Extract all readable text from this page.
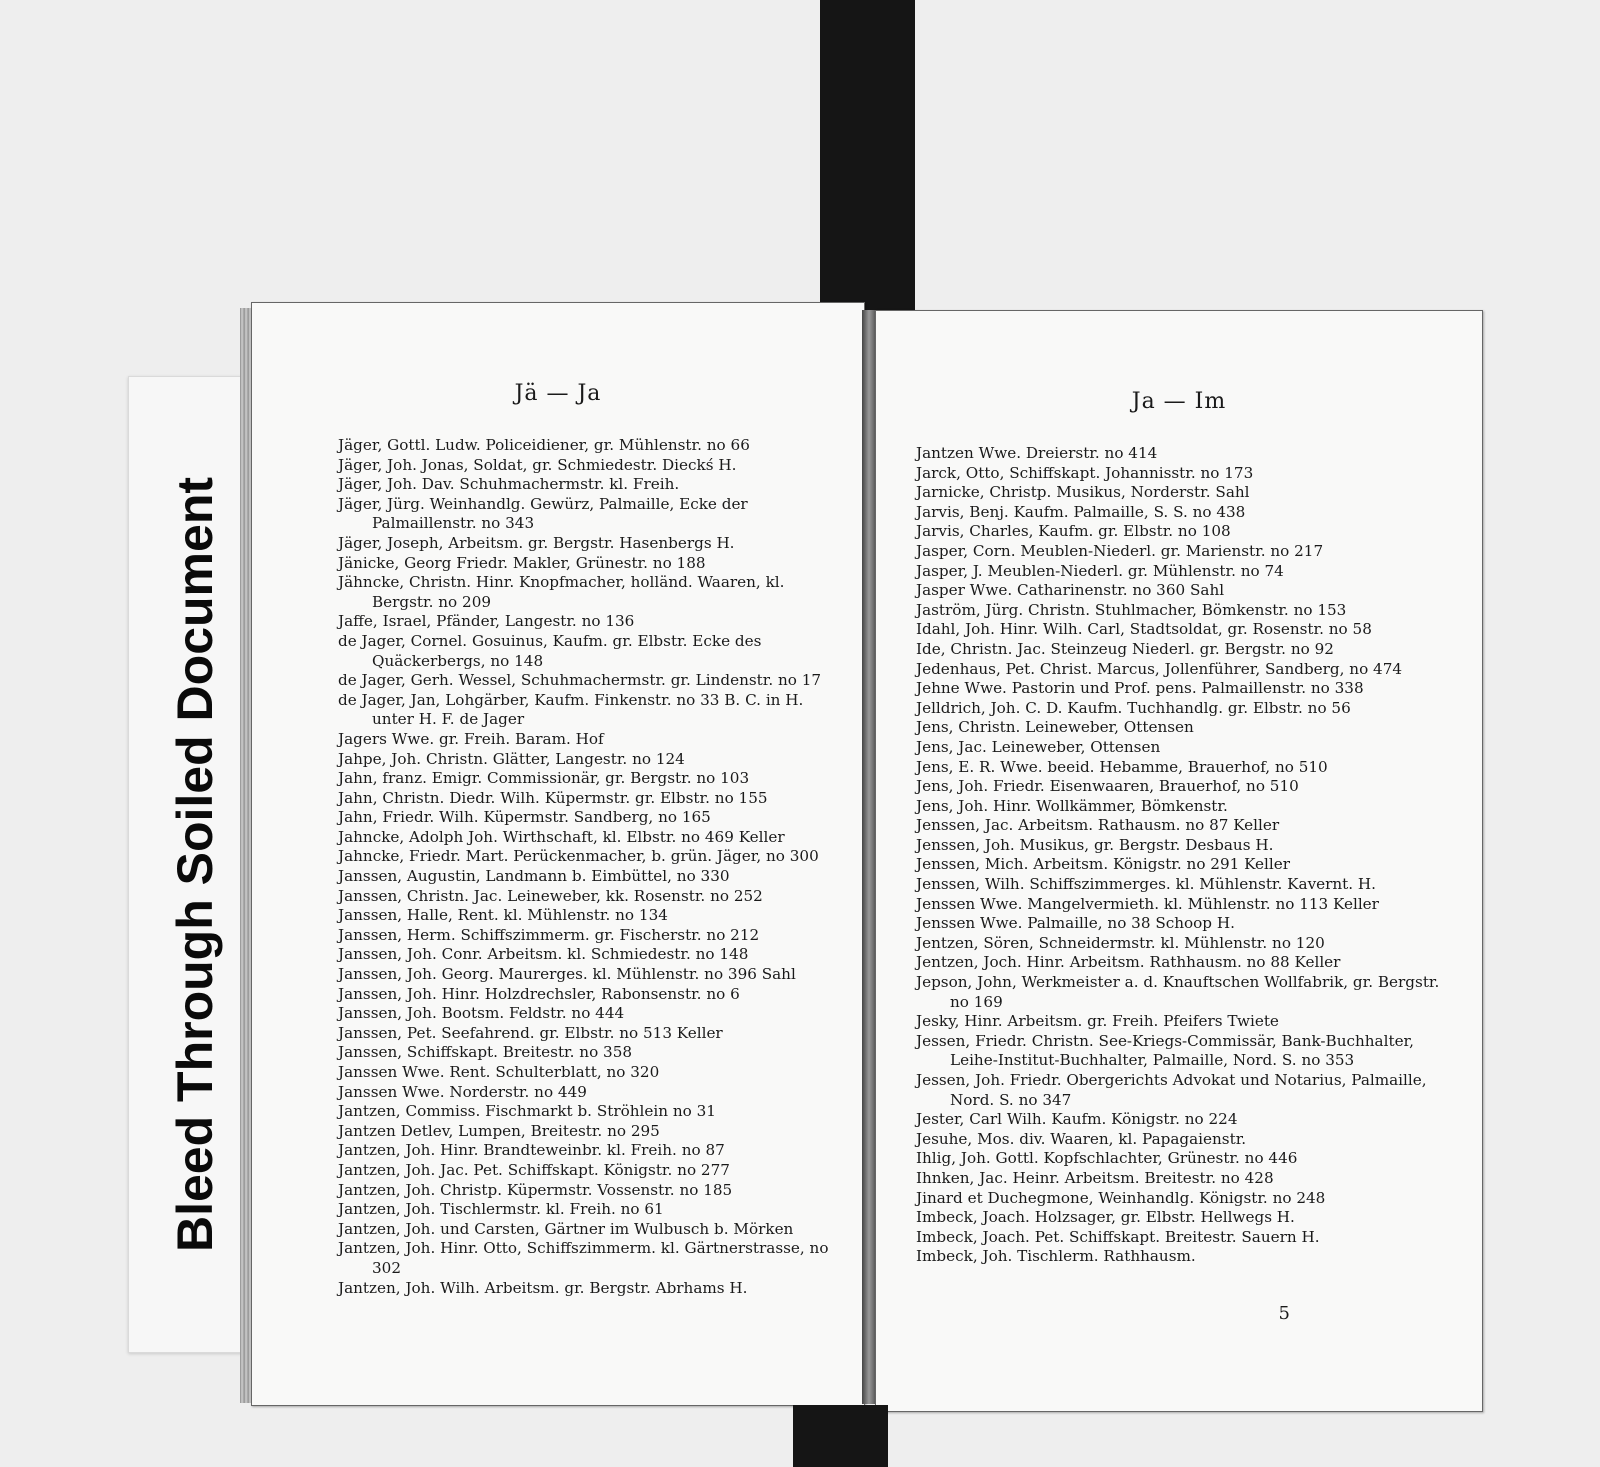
Bleed Through Soiled Document
Jä — Ja

Jäger, Gottl. Ludw. Policeidiener, gr. Mühlenstr. no 66

Jäger, Joh. Jonas, Soldat, gr. Schmiedestr. Dieckś H.

Jäger, Joh. Dav. Schuhmachermstr. kl. Freih.

Jäger, Jürg. Weinhandlg. Gewürz, Palmaille, Ecke der Palmaillenstr. no 343

Jäger, Joseph, Arbeitsm. gr. Bergstr. Hasenbergs H.

Jänicke, Georg Friedr. Makler, Grünestr. no 188

Jähncke, Christn. Hinr. Knopfmacher, holländ. Waaren, kl. Bergstr. no 209

Jaffe, Israel, Pfänder, Langestr. no 136

de Jager, Cornel. Gosuinus, Kaufm. gr. Elbstr. Ecke des Quäckerbergs, no 148

de Jager, Gerh. Wessel, Schuhmachermstr. gr. Lindenstr. no 17

de Jager, Jan, Lohgärber, Kaufm. Finkenstr. no 33 B. C. in H. unter H. F. de Jager

Jagers Wwe. gr. Freih. Baram. Hof

Jahpe, Joh. Christn. Glätter, Langestr. no 124

Jahn, franz. Emigr. Commissionär, gr. Bergstr. no 103

Jahn, Christn. Diedr. Wilh. Küpermstr. gr. Elbstr. no 155

Jahn, Friedr. Wilh. Küpermstr. Sandberg, no 165

Jahncke, Adolph Joh. Wirthschaft, kl. Elbstr. no 469 Keller

Jahncke, Friedr. Mart. Perückenmacher, b. grün. Jäger, no 300

Janssen, Augustin, Landmann b. Eimbüttel, no 330

Janssen, Christn. Jac. Leineweber, kk. Rosenstr. no 252

Janssen, Halle, Rent. kl. Mühlenstr. no 134

Janssen, Herm. Schiffszimmerm. gr. Fischerstr. no 212

Janssen, Joh. Conr. Arbeitsm. kl. Schmiedestr. no 148

Janssen, Joh. Georg. Maurerges. kl. Mühlenstr. no 396 Sahl

Janssen, Joh. Hinr. Holzdrechsler, Rabonsenstr. no 6

Janssen, Joh. Bootsm. Feldstr. no 444

Janssen, Pet. Seefahrend. gr. Elbstr. no 513 Keller

Janssen, Schiffskapt. Breitestr. no 358

Janssen Wwe. Rent. Schulterblatt, no 320

Janssen Wwe. Norderstr. no 449

Jantzen, Commiss. Fischmarkt b. Ströhlein no 31

Jantzen Detlev, Lumpen, Breitestr. no 295

Jantzen, Joh. Hinr. Brandteweinbr. kl. Freih. no 87

Jantzen, Joh. Jac. Pet. Schiffskapt. Königstr. no 277

Jantzen, Joh. Christp. Küpermstr. Vossenstr. no 185

Jantzen, Joh. Tischlermstr. kl. Freih. no 61

Jantzen, Joh. und Carsten, Gärtner im Wulbusch b. Mörken

Jantzen, Joh. Hinr. Otto, Schiffszimmerm. kl. Gärtnerstrasse, no 302

Jantzen, Joh. Wilh. Arbeitsm. gr. Bergstr. Abrhams H.

Ja — Im

Jantzen Wwe. Dreierstr. no 414

Jarck, Otto, Schiffskapt. Johannisstr. no 173

Jarnicke, Christp. Musikus, Norderstr. Sahl

Jarvis, Benj. Kaufm. Palmaille, S. S. no 438

Jarvis, Charles, Kaufm. gr. Elbstr. no 108

Jasper, Corn. Meublen-Niederl. gr. Marienstr. no 217

Jasper, J. Meublen-Niederl. gr. Mühlenstr. no 74

Jasper Wwe. Catharinenstr. no 360 Sahl

Jaström, Jürg. Christn. Stuhlmacher, Bömkenstr. no 153

Idahl, Joh. Hinr. Wilh. Carl, Stadtsoldat, gr. Rosenstr. no 58

Ide, Christn. Jac. Steinzeug Niederl. gr. Bergstr. no 92

Jedenhaus, Pet. Christ. Marcus, Jollenführer, Sandberg, no 474

Jehne Wwe. Pastorin und Prof. pens. Palmaillenstr. no 338

Jelldrich, Joh. C. D. Kaufm. Tuchhandlg. gr. Elbstr. no 56

Jens, Christn. Leineweber, Ottensen

Jens, Jac. Leineweber, Ottensen

Jens, E. R. Wwe. beeid. Hebamme, Brauerhof, no 510

Jens, Joh. Friedr. Eisenwaaren, Brauerhof, no 510

Jens, Joh. Hinr. Wollkämmer, Bömkenstr.

Jenssen, Jac. Arbeitsm. Rathausm. no 87 Keller

Jenssen, Joh. Musikus, gr. Bergstr. Desbaus H.

Jenssen, Mich. Arbeitsm. Königstr. no 291 Keller

Jenssen, Wilh. Schiffszimmerges. kl. Mühlenstr. Kavernt. H.

Jenssen Wwe. Mangelvermieth. kl. Mühlenstr. no 113 Keller

Jenssen Wwe. Palmaille, no 38 Schoop H.

Jentzen, Sören, Schneidermstr. kl. Mühlenstr. no 120

Jentzen, Joch. Hinr. Arbeitsm. Rathhausm. no 88 Keller

Jepson, John, Werkmeister a. d. Knauftschen Wollfabrik, gr. Bergstr. no 169

Jesky, Hinr. Arbeitsm. gr. Freih. Pfeifers Twiete

Jessen, Friedr. Christn. See-Kriegs-Commissär, Bank-Buchhalter, Leihe-Institut-Buchhalter, Palmaille, Nord. S. no 353

Jessen, Joh. Friedr. Obergerichts Advokat und Notarius, Palmaille, Nord. S. no 347

Jester, Carl Wilh. Kaufm. Königstr. no 224

Jesuhe, Mos. div. Waaren, kl. Papagaienstr.

Ihlig, Joh. Gottl. Kopfschlachter, Grünestr. no 446

Ihnken, Jac. Heinr. Arbeitsm. Breitestr. no 428

Jinard et Duchegmone, Weinhandlg. Königstr. no 248

Imbeck, Joach. Holzsager, gr. Elbstr. Hellwegs H.

Imbeck, Joach. Pet. Schiffskapt. Breitestr. Sauern H.

Imbeck, Joh. Tischlerm. Rathhausm.

5
